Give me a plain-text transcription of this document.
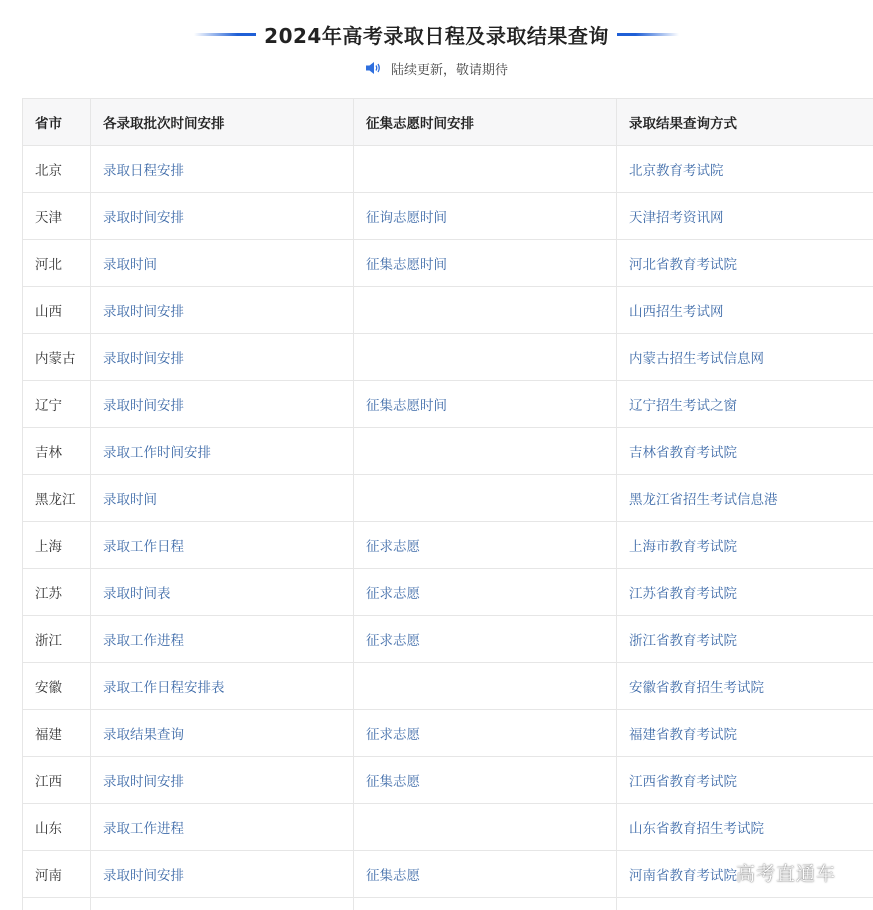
2024年高考录取日程及录取结果查询
陆续更新，敬请期待
省市	各录取批次时间安排	征集志愿时间安排	录取结果查询方式
北京	录取日程安排		北京教育考试院
天津	录取时间安排	征询志愿时间	天津招考资讯网
河北	录取时间	征集志愿时间	河北省教育考试院
山西	录取时间安排		山西招生考试网
内蒙古	录取时间安排		内蒙古招生考试信息网
辽宁	录取时间安排	征集志愿时间	辽宁招生考试之窗
吉林	录取工作时间安排		吉林省教育考试院
黑龙江	录取时间		黑龙江省招生考试信息港
上海	录取工作日程	征求志愿	上海市教育考试院
江苏	录取时间表	征求志愿	江苏省教育考试院
浙江	录取工作进程	征求志愿	浙江省教育考试院
安徽	录取工作日程安排表		安徽省教育招生考试院
福建	录取结果查询	征求志愿	福建省教育考试院
江西	录取时间安排	征集志愿	江西省教育考试院
山东	录取工作进程		山东省教育招生考试院
河南	录取时间安排	征集志愿	河南省教育考试院
			高考直通车
